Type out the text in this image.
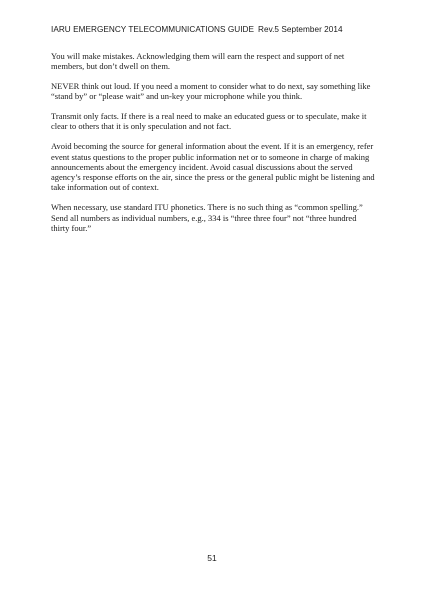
IARU EMERGENCY TELECOMMUNICATIONS GUIDE Rev.5 September 2014

You will make mistakes. Acknowledging them will earn the respect and support of net members, but don’t dwell on them.

NEVER think out loud. If you need a moment to consider what to do next, say something like “stand by” or “please wait” and un-key your microphone while you think.

Transmit only facts. If there is a real need to make an educated guess or to speculate, make it clear to others that it is only speculation and not fact.

Avoid becoming the source for general information about the event. If it is an emergency, refer event status questions to the proper public information net or to someone in charge of making announcements about the emergency incident. Avoid casual discussions about the served agency’s response efforts on the air, since the press or the general public might be listening and take information out of context.

When necessary, use standard ITU phonetics. There is no such thing as “common spelling.” Send all numbers as individual numbers, e.g., 334 is “three three four” not “three hundred thirty four.”

51
